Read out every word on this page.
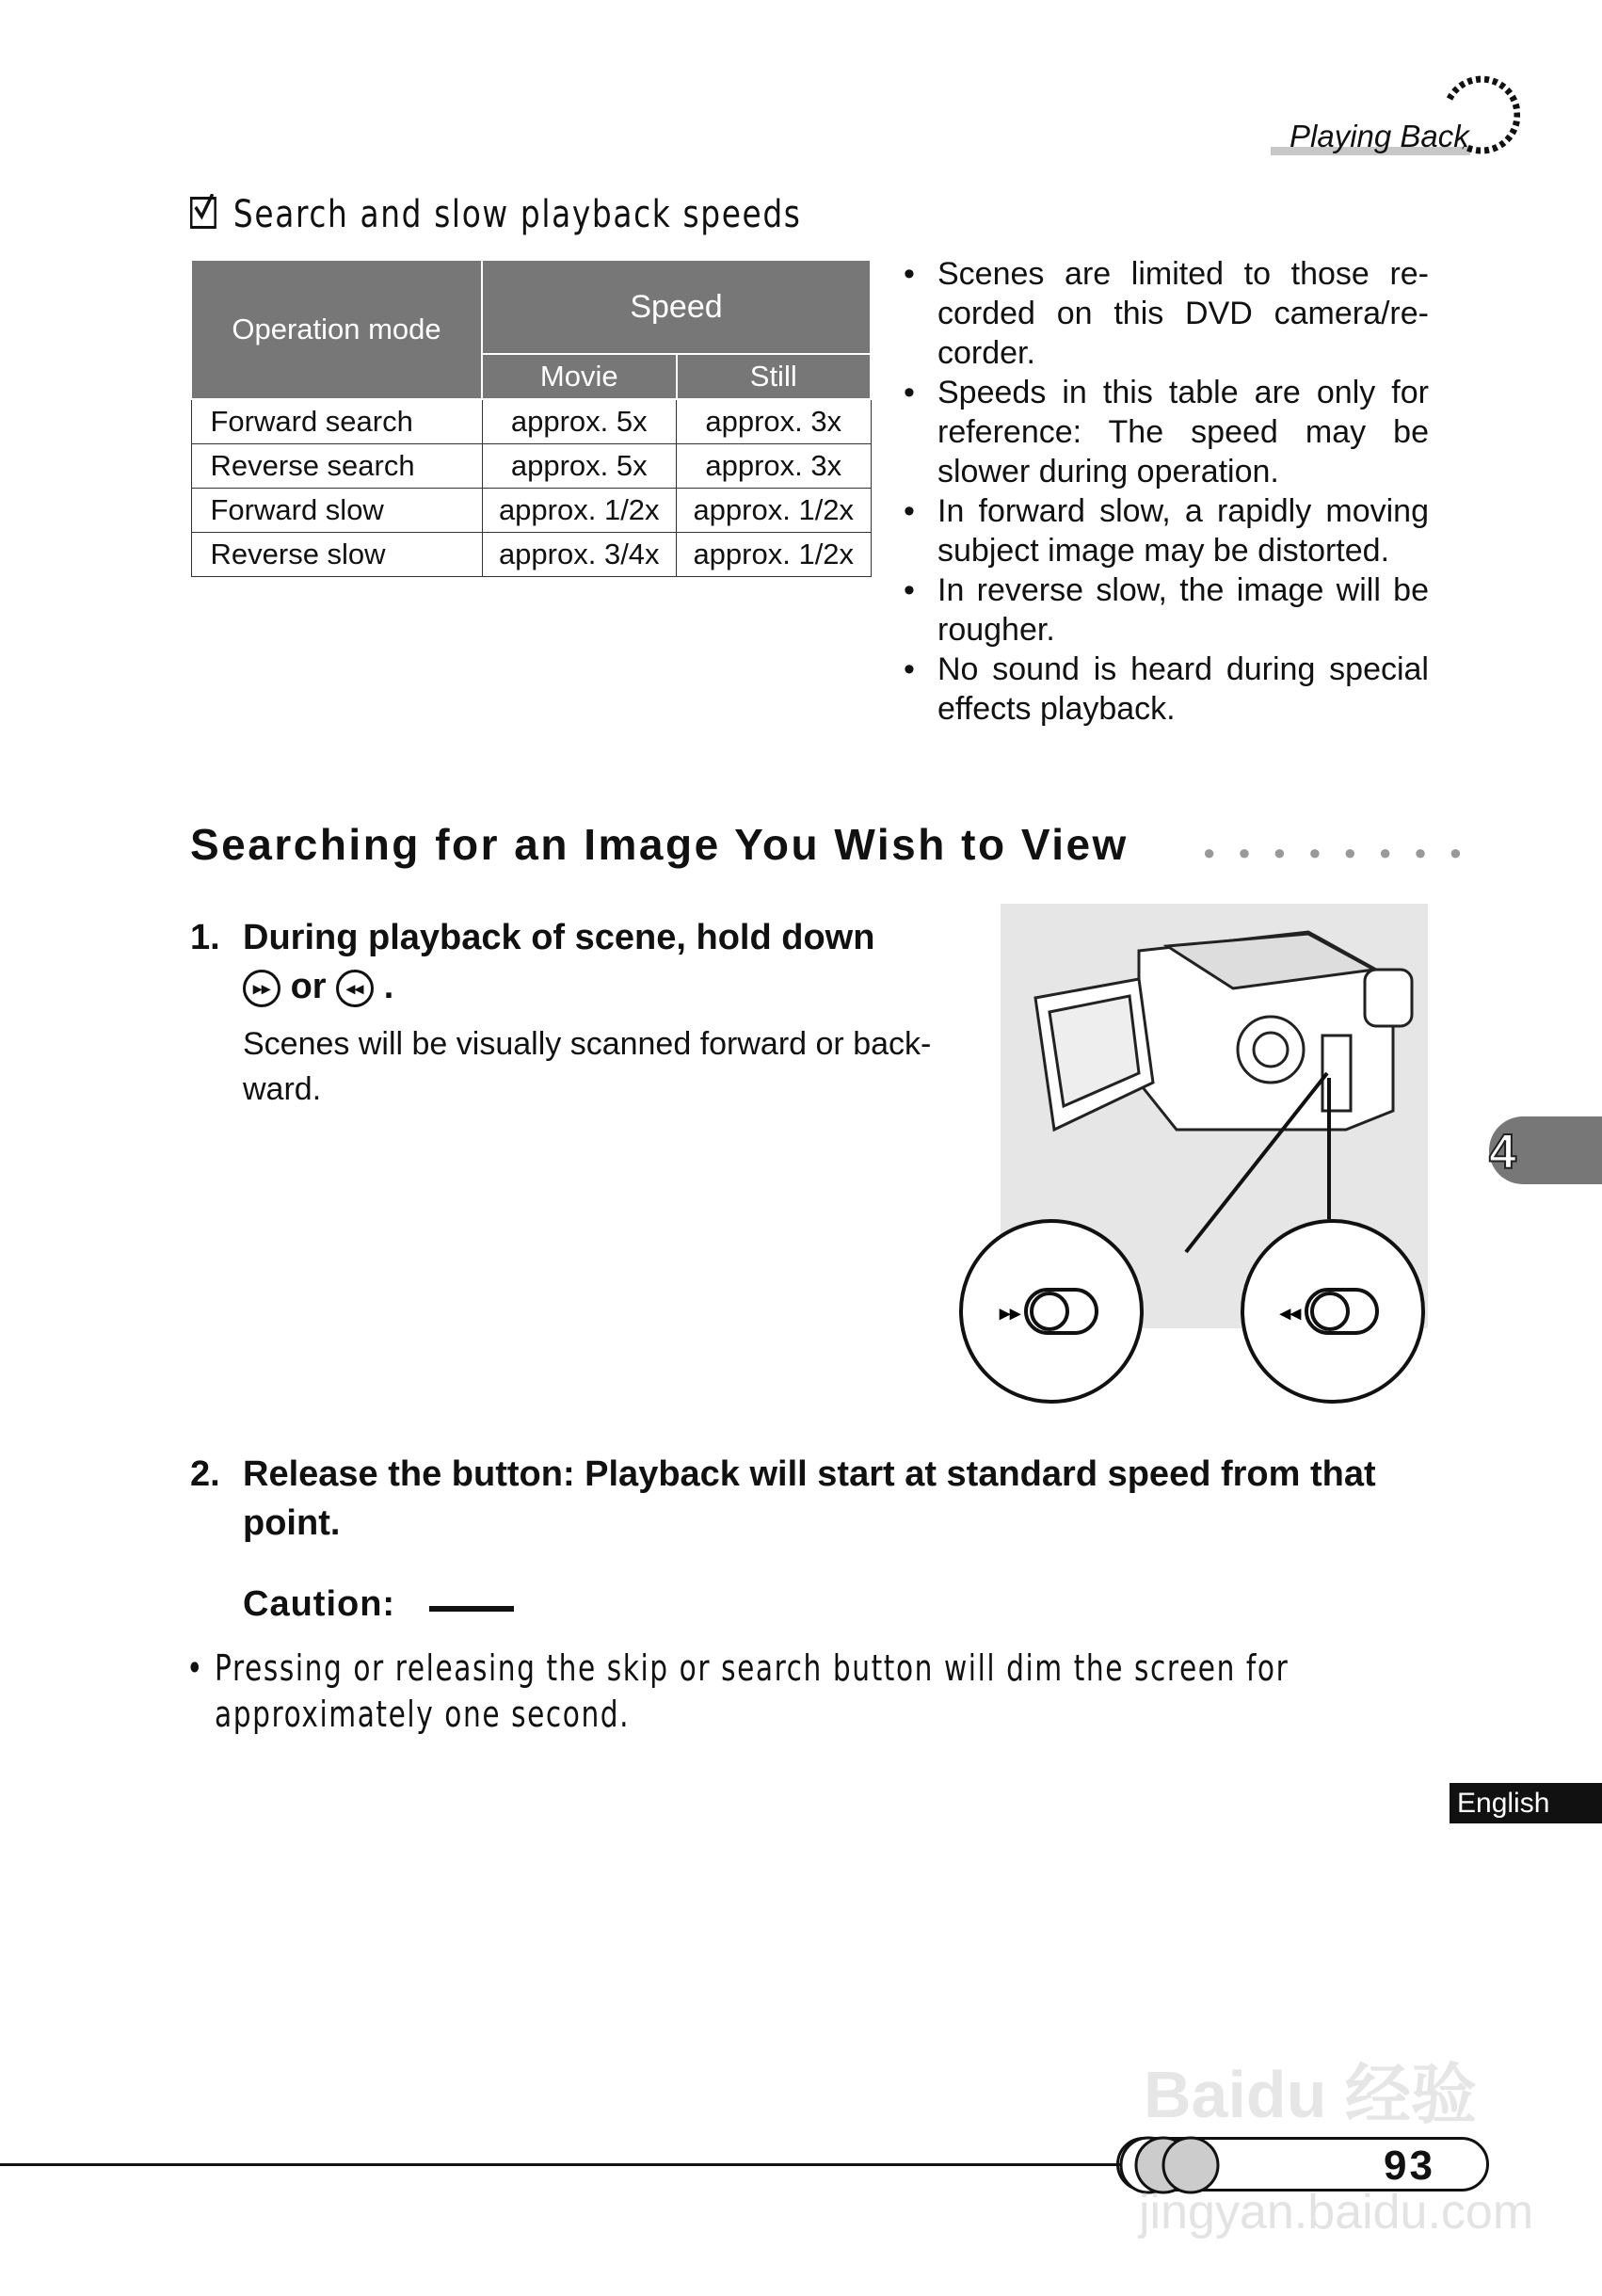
Playing Back
Search and slow playback speeds
Operation mode	Speed	
	Movie	Still
Forward search	approx. 5x	approx. 3x
Reverse search	approx. 5x	approx. 3x
Forward slow	approx. 1/2x	approx. 1/2x
Reverse slow	approx. 3/4x	approx. 1/2x
• Scenes are limited to those re-corded on this DVD camera/re-corder.
• Speeds in this table are only for reference: The speed may be slower during operation.
• In forward slow, a rapidly moving subject image may be distorted.
• In reverse slow, the image will be rougher.
• No sound is heard during special effects playback.
Searching for an Image You Wish to View	● ● ● ● ● ● ● ●
1. During playback of scene, hold down
▸▸ or ◂◂ .
Scenes will be visually scanned forward or back-ward.
▸▸	◂◂
2. Release the button: Playback will start at standard speed from that point.
Caution:
• Pressing or releasing the skip or search button will dim the screen for approximately one second.
4
English
Baidu 经验
93
jingyan.baidu.com
